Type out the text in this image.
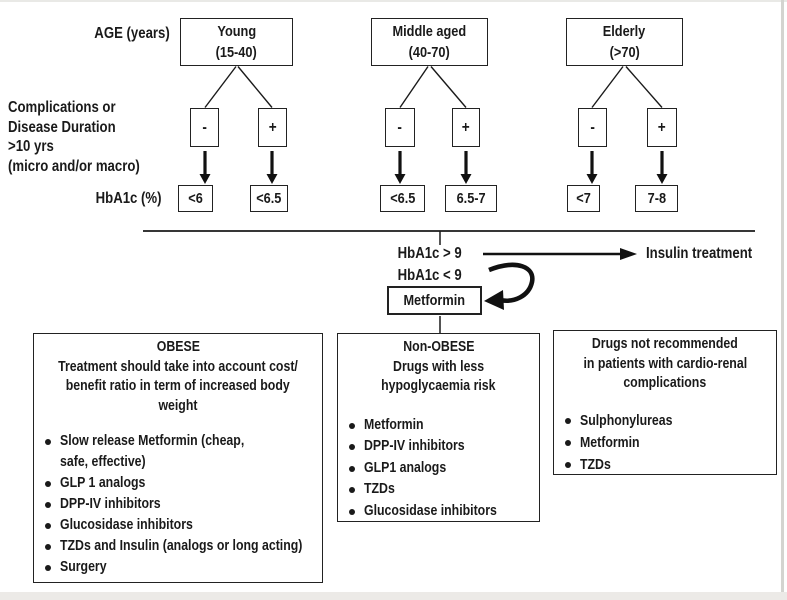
AGE (years)
Complications or
Disease Duration
>10 yrs
(micro and/or macro)
HbA1c (%)
Young
(15-40)
-	+
<6	<6.5
Middle aged
(40-70)
-	+
<6.5	6.5-7
Elderly
(>70)
-	+
<7	7-8
HbA1c > 9	Insulin treatment
HbA1c < 9
Metformin
OBESE
Treatment should take into account cost/
benefit ratio in term of increased body
weight
Slow release Metformin (cheap,
safe, effective)
GLP 1 analogs
DPP-IV inhibitors
Glucosidase inhibitors
TZDs and Insulin (analogs or long acting)
Surgery
Non-OBESE
Drugs with less
hypoglycaemia risk
Metformin
DPP-IV inhibitors
GLP1 analogs
TZDs
Glucosidase inhibitors
Drugs not recommended
in patients with cardio-renal
complications
Sulphonylureas
Metformin
TZDs
